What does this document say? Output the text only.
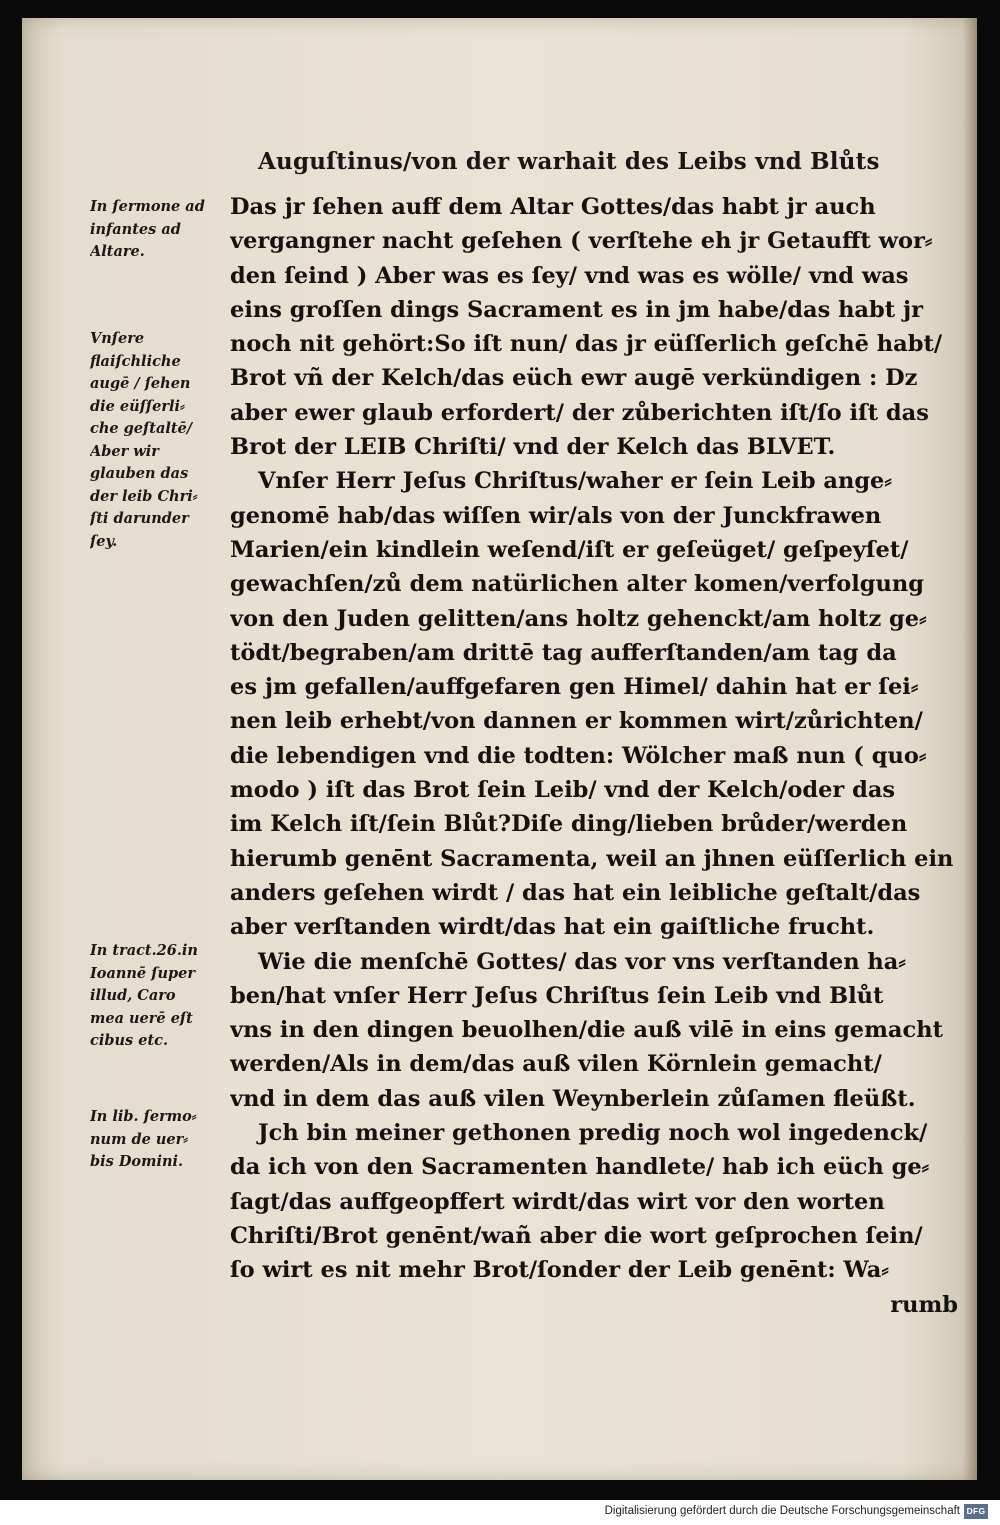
Auguſtinus/von der warhait des Leibs vnd Blůts
Das jr ſehen auff dem Altar Gottes/das habt jr auch
vergangner nacht geſehen ( verſtehe eh jr Getaufft wor⸗
den ſeind ) Aber was es ſey/ vnd was es wölle/ vnd was
eins groſſen dings Sacrament es in jm habe/das habt jr
noch nit gehört:So iſt nun/ das jr eüſſerlich geſchē habt/
Brot vñ der Kelch/das eüch ewr augē verkündigen : Dz
aber ewer glaub erfordert/ der zůberichten iſt/ſo iſt das
Brot der LEIB Chriſti/ vnd der Kelch das BLVET.
Vnſer Herr Jeſus Chriſtus/waher er ſein Leib ange⸗
genomē hab/das wiſſen wir/als von der Junckfrawen
Marien/ein kindlein weſend/iſt er geſeüget/ geſpeyſet/
gewachſen/zů dem natürlichen alter komen/verfolgung
von den Juden gelitten/ans holtz gehenckt/am holtz ge⸗
tödt/begraben/am drittē tag aufferſtanden/am tag da
es jm gefallen/auffgefaren gen Himel/ dahin hat er ſei⸗
nen leib erhebt/von dannen er kommen wirt/zůrichten/
die lebendigen vnd die todten: Wölcher maß nun ( quo⸗
modo ) iſt das Brot ſein Leib/ vnd der Kelch/oder das
im Kelch iſt/ſein Blůt?Diſe ding/lieben brůder/werden
hierumb genēnt Sacramenta, weil an jhnen eüſſerlich ein
anders geſehen wirdt / das hat ein leibliche geſtalt/das
aber verſtanden wirdt/das hat ein gaiſtliche frucht.
Wie die menſchē Gottes/ das vor vns verſtanden ha⸗
ben/hat vnſer Herr Jeſus Chriſtus ſein Leib vnd Blůt
vns in den dingen beuolhen/die auß vilē in eins gemacht
werden/Als in dem/das auß vilen Körnlein gemacht/
vnd in dem das auß vilen Weynberlein zůſamen fleüßt.
Jch bin meiner gethonen predig noch wol ingedenck/
da ich von den Sacramenten handlete/ hab ich eüch ge⸗
ſagt/das auffgeopffert wirdt/das wirt vor den worten
Chriſti/Brot genēnt/wañ aber die wort geſprochen ſein/
ſo wirt es nit mehr Brot/ſonder der Leib genēnt: Wa⸗
rumb
In ſermone ad
infantes ad
Altare.
Vnſere
flaiſchliche
augē / ſehen
die eüſſerli⸗
che geſtaltē/
Aber wir
glauben das
der leib Chri⸗
ſti darunder
ſey.
In tract.26.in
Ioannē ſuper
illud, Caro
mea uerē eſt
cibus etc.
In lib. ſermo⸗
num de uer⸗
bis Domini.
Digitalisierung gefördert durch die Deutsche Forschungsgemeinschaft DFG
